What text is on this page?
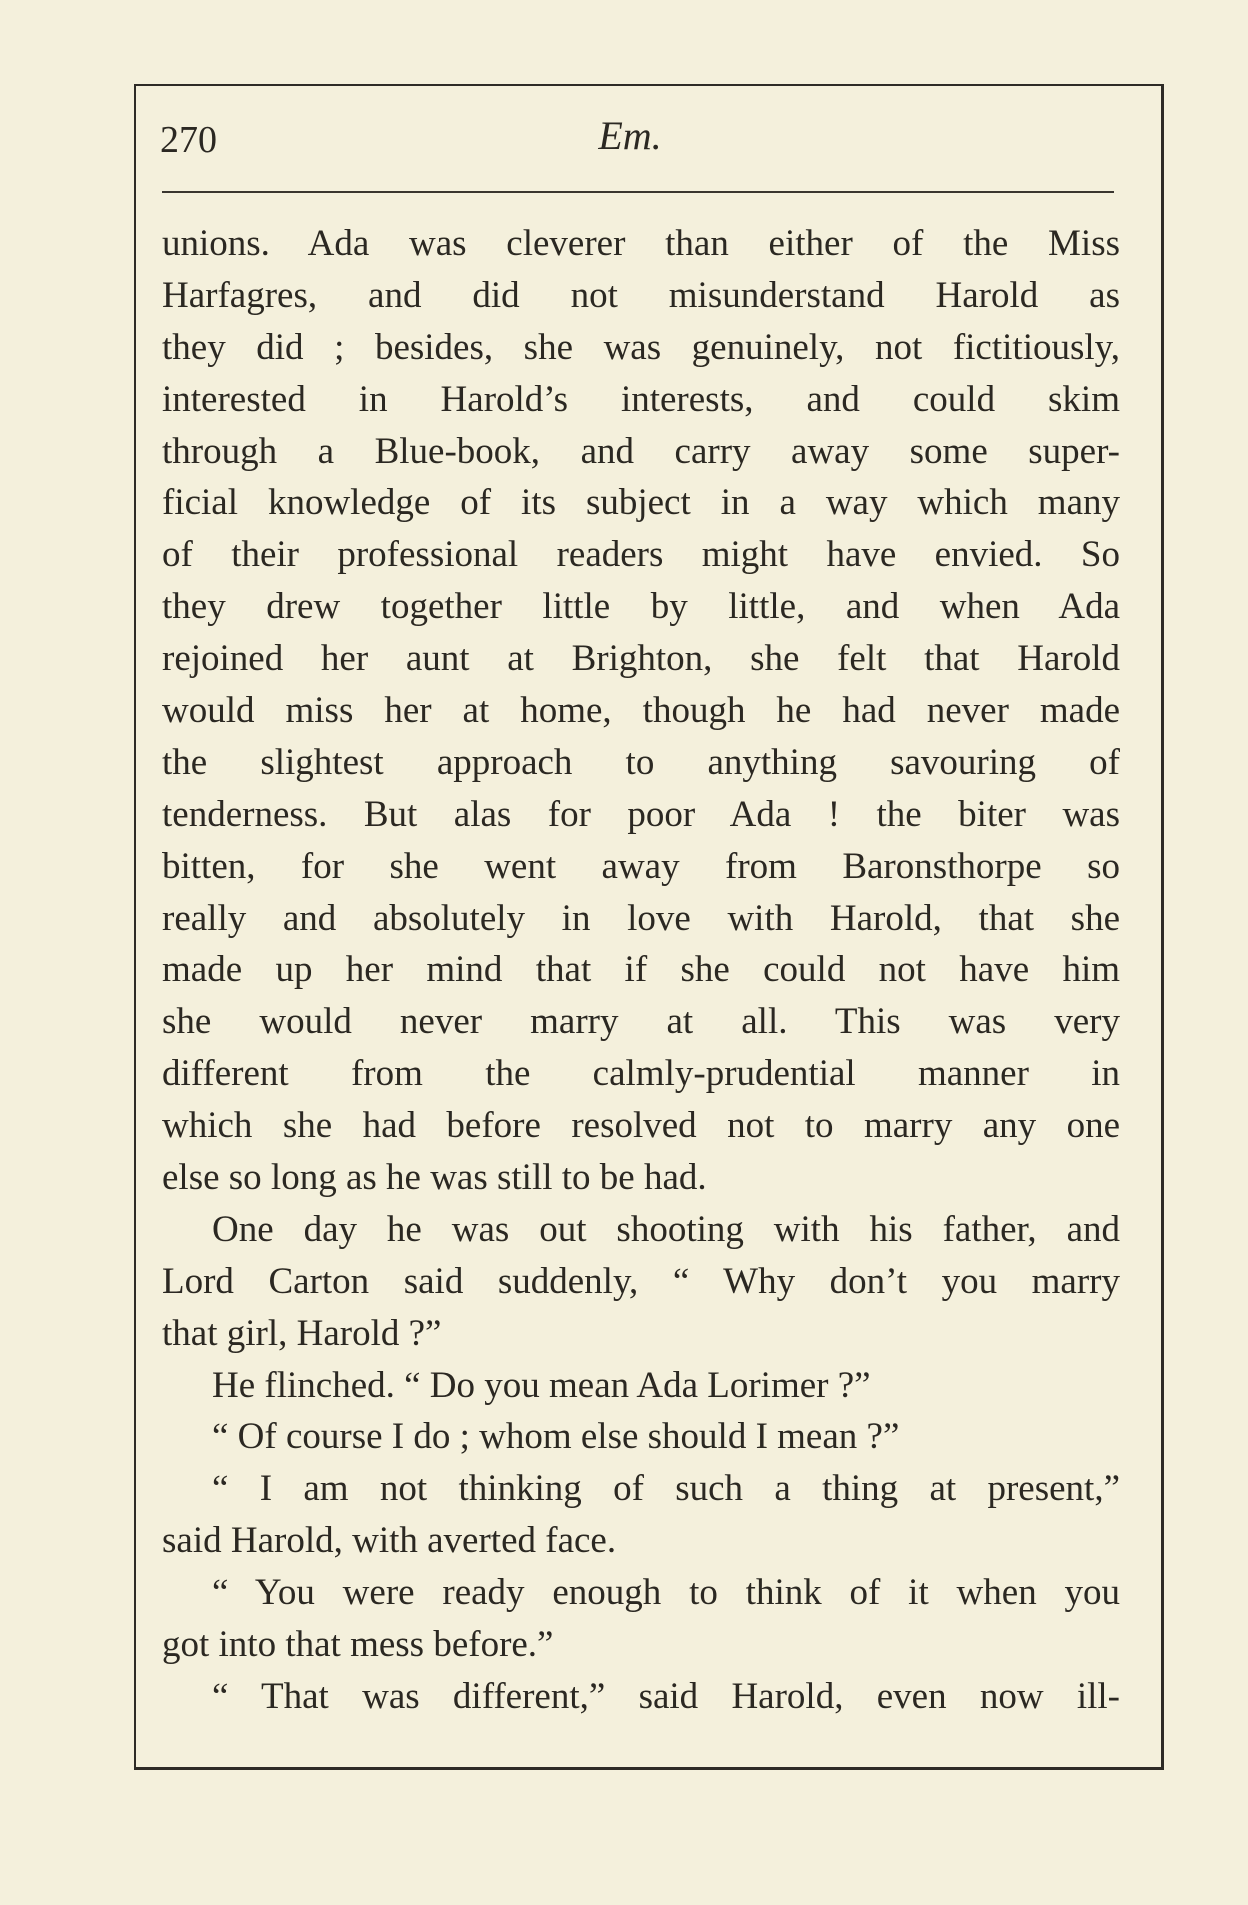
270	Em.
unions. Ada was cleverer than either of the Miss
Harfagres, and did not misunderstand Harold as
they did ; besides, she was genuinely, not fictitiously,
interested in Harold’s interests, and could skim
through a Blue-book, and carry away some super-
ficial knowledge of its subject in a way which many
of their professional readers might have envied. So
they drew together little by little, and when Ada
rejoined her aunt at Brighton, she felt that Harold
would miss her at home, though he had never made
the slightest approach to anything savouring of
tenderness. But alas for poor Ada ! the biter was
bitten, for she went away from Baronsthorpe so
really and absolutely in love with Harold, that she
made up her mind that if she could not have him
she would never marry at all. This was very
different from the calmly-prudential manner in
which she had before resolved not to marry any one
else so long as he was still to be had.
One day he was out shooting with his father, and
Lord Carton said suddenly, “ Why don’t you marry
that girl, Harold ?”
He flinched. “ Do you mean Ada Lorimer ?”
“ Of course I do ; whom else should I mean ?”
“ I am not thinking of such a thing at present,”
said Harold, with averted face.
“ You were ready enough to think of it when you
got into that mess before.”
“ That was different,” said Harold, even now ill-
